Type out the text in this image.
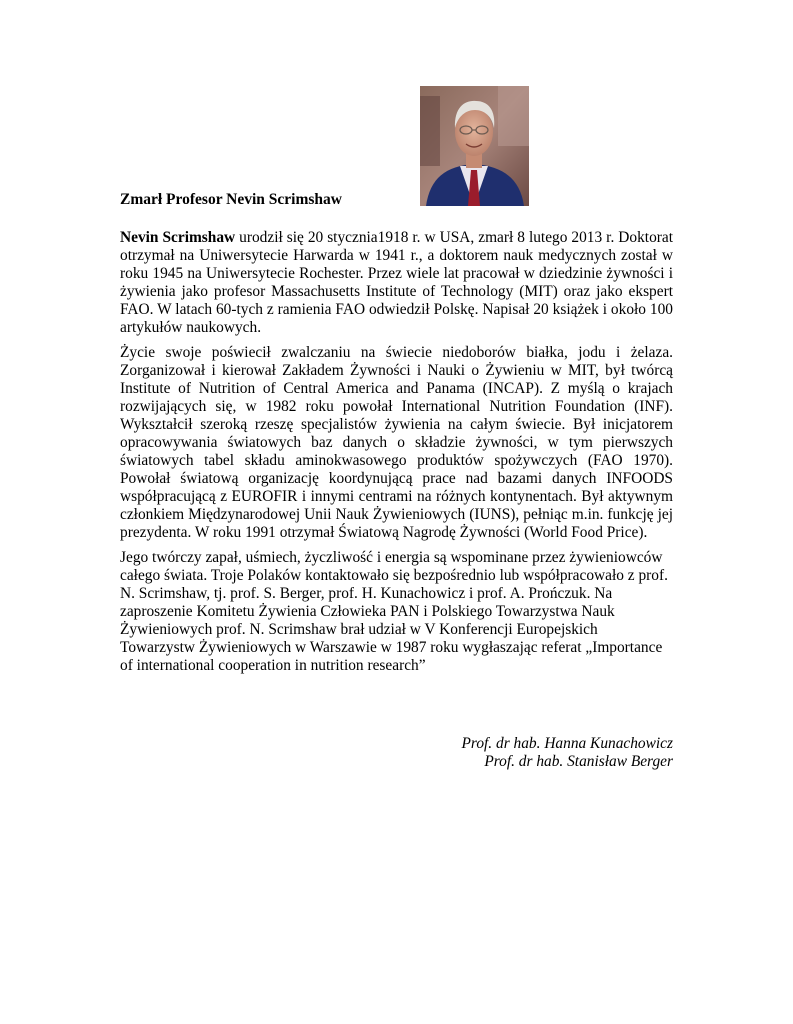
Zmarł Profesor Nevin Scrimshaw

Nevin Scrimshaw urodził się 20 stycznia1918 r. w USA, zmarł 8 lutego 2013 r. Doktorat otrzymał na Uniwersytecie Harwarda w 1941 r., a doktorem nauk medycznych został w roku 1945 na Uniwersytecie Rochester. Przez wiele lat pracował w dziedzinie żywności i żywienia jako profesor Massachusetts Institute of Technology (MIT) oraz jako ekspert FAO. W latach 60-tych z ramienia FAO odwiedził Polskę. Napisał 20 książek i około 100 artykułów naukowych.

Życie swoje poświecił zwalczaniu na świecie niedoborów białka, jodu i żelaza. Zorganizował i kierował Zakładem Żywności i Nauki o Żywieniu w MIT, był twórcą Institute of Nutrition of Central America and Panama (INCAP). Z myślą o krajach rozwijających się, w 1982 roku powołał International Nutrition Foundation (INF). Wykształcił szeroką rzeszę specjalistów żywienia na całym świecie. Był inicjatorem opracowywania światowych baz danych o składzie żywności, w tym pierwszych światowych tabel składu aminokwasowego produktów spożywczych (FAO 1970). Powołał światową organizację koordynującą prace nad bazami danych INFOODS współpracującą z EUROFIR i innymi centrami na różnych kontynentach. Był aktywnym członkiem Międzynarodowej Unii Nauk Żywieniowych (IUNS), pełniąc m.in. funkcję jej prezydenta. W roku 1991 otrzymał Światową Nagrodę Żywności (World Food Price).

Jego twórczy zapał, uśmiech, życzliwość i energia są wspominane przez żywieniowców całego świata. Troje Polaków kontaktowało się bezpośrednio lub współpracowało z prof. N. Scrimshaw, tj. prof. S. Berger, prof. H. Kunachowicz i prof. A. Prończuk. Na zaproszenie Komitetu Żywienia Człowieka PAN i Polskiego Towarzystwa Nauk Żywieniowych prof. N. Scrimshaw brał udział w V Konferencji Europejskich Towarzystw Żywieniowych w Warszawie w 1987 roku wygłaszając referat „Importance of international cooperation in nutrition research”

Prof. dr hab. Hanna Kunachowicz
Prof. dr hab. Stanisław Berger
